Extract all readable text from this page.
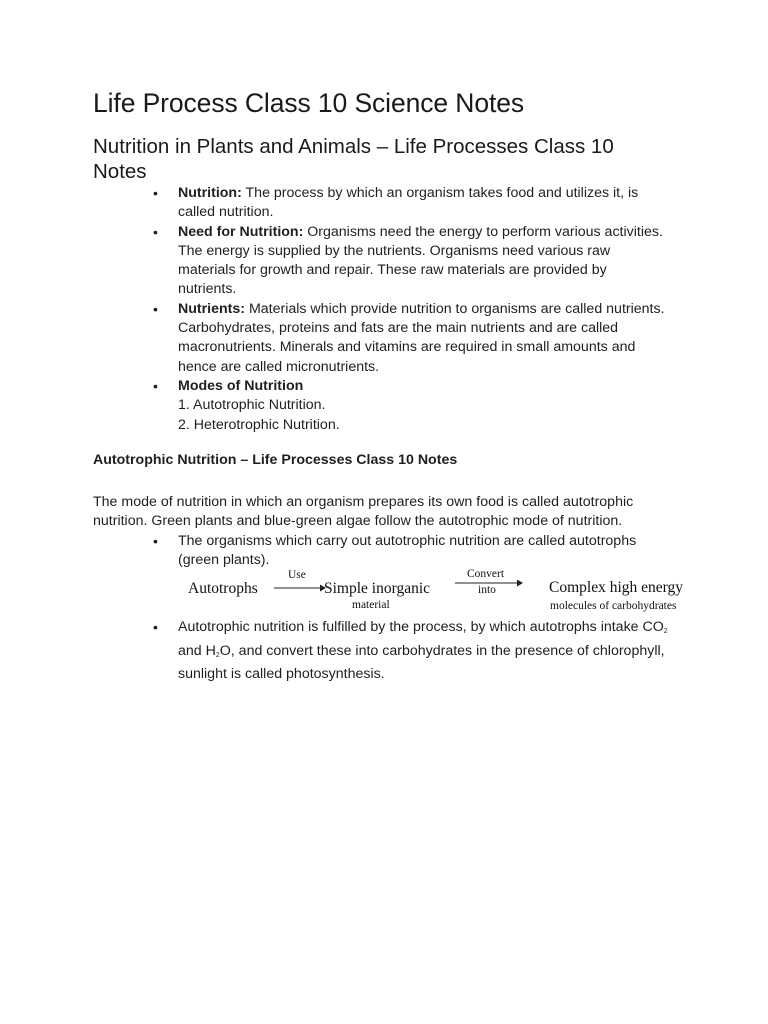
Life Process Class 10 Science Notes
Nutrition in Plants and Animals – Life Processes Class 10 Notes
• Nutrition: The process by which an organism takes food and utilizes it, is called nutrition.
• Need for Nutrition: Organisms need the energy to perform various activities. The energy is supplied by the nutrients. Organisms need various raw materials for growth and repair. These raw materials are provided by nutrients.
• Nutrients: Materials which provide nutrition to organisms are called nutrients. Carbohydrates, proteins and fats are the main nutrients and are called macronutrients. Minerals and vitamins are required in small amounts and hence are called micronutrients.
• Modes of Nutrition
1. Autotrophic Nutrition.
2. Heterotrophic Nutrition.
Autotrophic Nutrition – Life Processes Class 10 Notes

The mode of nutrition in which an organism prepares its own food is called autotrophic nutrition. Green plants and blue-green algae follow the autotrophic mode of nutrition.

• The organisms which carry out autotrophic nutrition are called autotrophs (green plants).
Autotrophs
Use
Simple inorganic
material
Convert
into	Complex high energy
molecules of carbohydrates
• Autotrophic nutrition is fulfilled by the process, by which autotrophs intake $CO_2$ and $H_2O$, and convert these into carbohydrates in the presence of chlorophyll, sunlight is called photosynthesis.
